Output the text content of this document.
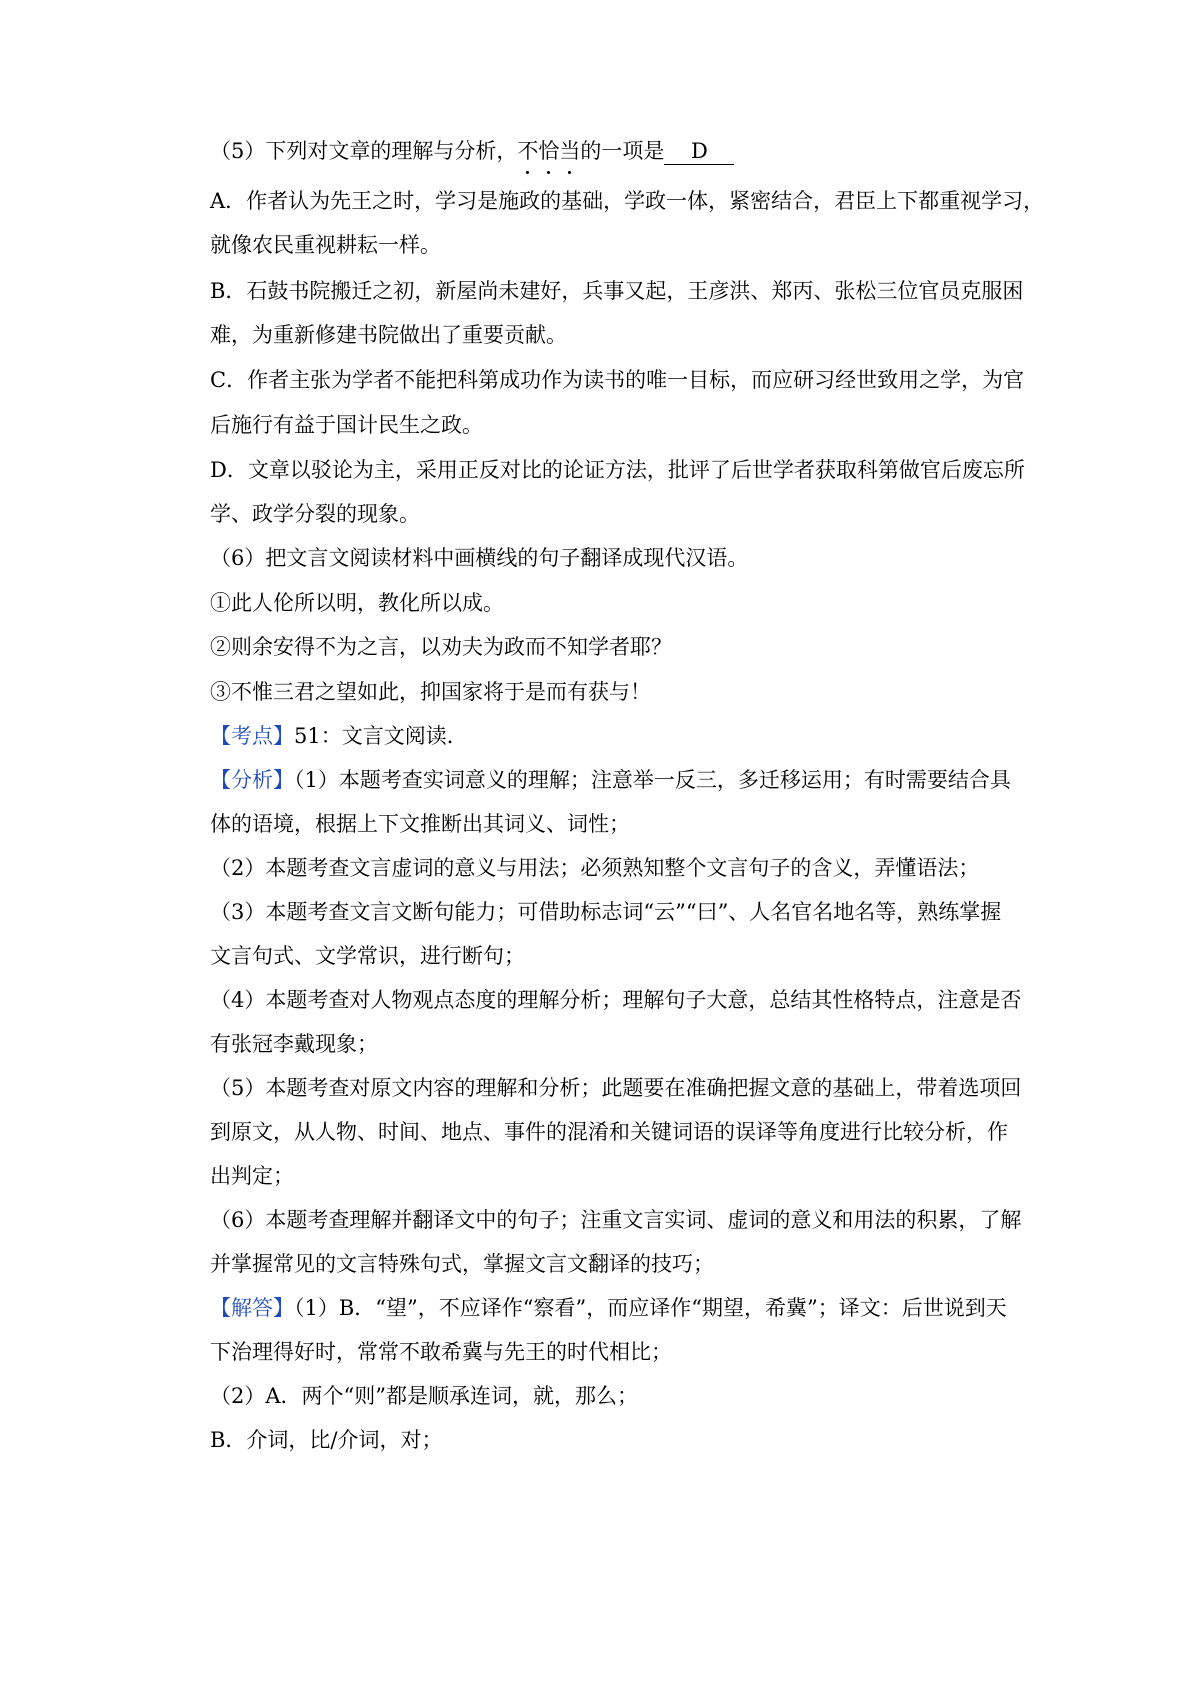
（5）下列对文章的理解与分析，不恰当
的一项是 D
A．作者认为先王之时，学习是施政的基础，学政一体，紧密结合，君臣上下都重视学习，
就像农民重视耕耘一样。
B．石鼓书院搬迁之初，新屋尚未建好，兵事又起，王彦洪、郑丙、张松三位官员克服困
难，为重新修建书院做出了重要贡献。
C．作者主张为学者不能把科第成功作为读书的唯一目标，而应研习经世致用之学，为官
后施行有益于国计民生之政。
D．文章以驳论为主，采用正反对比的论证方法，批评了后世学者获取科第做官后废忘所
学、政学分裂的现象。
（6）把文言文阅读材料中画横线的句子翻译成现代汉语。
①此人伦所以明，教化所以成。
②则余安得不为之言，以劝夫为政而不知学者耶？
③不惟三君之望如此，抑国家将于是而有获与！
【考点】51：文言文阅读．
【分析】（1）本题考查实词意义的理解；注意举一反三，多迁移运用；有时需要结合具
体的语境，根据上下文推断出其词义、词性；
（2）本题考查文言虚词的意义与用法；必须熟知整个文言句子的含义，弄懂语法；
（3）本题考查文言文断句能力；可借助标志词“云”“曰”、人名官名地名等，熟练掌握
文言句式、文学常识，进行断句；
（4）本题考查对人物观点态度的理解分析；理解句子大意，总结其性格特点，注意是否
有张冠李戴现象；
（5）本题考查对原文内容的理解和分析；此题要在准确把握文意的基础上，带着选项回
到原文，从人物、时间、地点、事件的混淆和关键词语的误译等角度进行比较分析，作
出判定；
（6）本题考查理解并翻译文中的句子；注重文言实词、虚词的意义和用法的积累，了解
并掌握常见的文言特殊句式，掌握文言文翻译的技巧；
【解答】（1）B．“望”，不应译作“察看”，而应译作“期望，希冀”；译文：后世说到天
下治理得好时，常常不敢希冀与先王的时代相比；
（2）A．两个“则”都是顺承连词，就，那么；
B．介词，比/介词，对；
